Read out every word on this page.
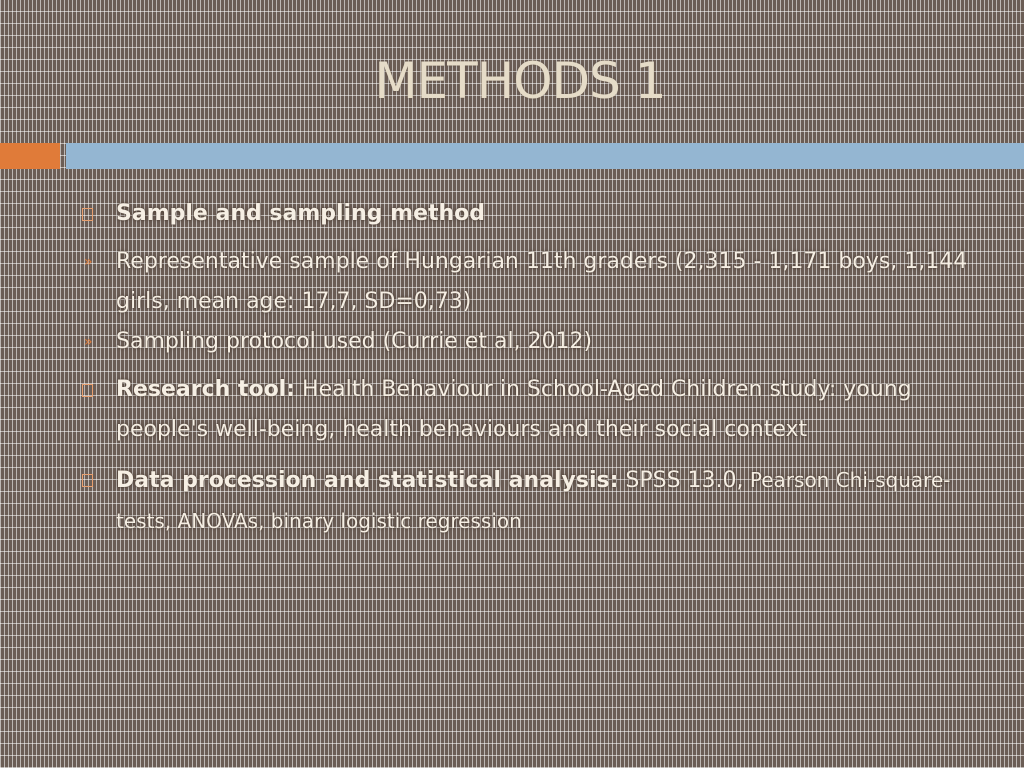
METHODS 1

Sample and sampling method

» Representative sample of Hungarian 11th graders (2,315 - 1,171 boys, 1,144 girls, mean age: 17,7, SD=0,73)

» Sampling protocol used (Currie et al, 2012)

Research tool: Health Behaviour in School-Aged Children study: young people's well-being, health behaviours and their social context

Data procession and statistical analysis: SPSS 13.0, Pearson Chi-square-tests, ANOVAs, binary logistic regression
